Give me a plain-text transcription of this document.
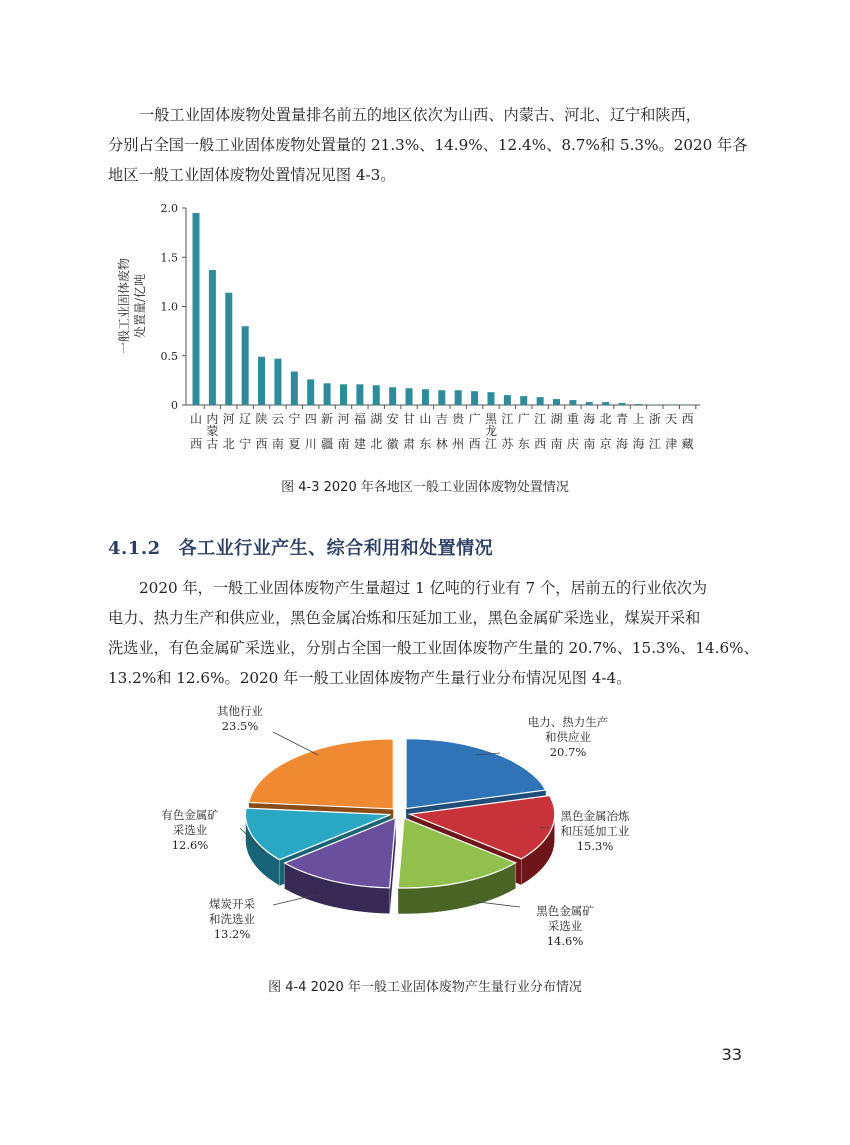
一般工业固体废物处置量排名前五的地区依次为山西、内蒙古、河北、辽宁和陕西，
分别占全国一般工业固体废物处置量的 21.3%、14.9%、12.4%、8.7%和 5.3%。2020 年各
地区一般工业固体废物处置情况见图 4-3。
0
0.5
1.0
1.5
2.0
一般工业固体废物 处置量/亿吨
山
西
内
蒙
古
河
北
辽
宁
陕
西
云
南
宁
夏
四
川
新
疆
河
南
福
建
湖
北
安
徽
甘
肃
山
东
吉
林
贵
州
广
西
黑
龙
江
江
苏
广
东
江
西
湖
南
重
庆
海
南
北
京
青
海
上
海
浙
江
天
津
西
藏
图 4-3 2020 年各地区一般工业固体废物处置情况
4.1.2 各工业行业产生、综合利用和处置情况
2020 年，一般工业固体废物产生量超过 1 亿吨的行业有 7 个，居前五的行业依次为
电力、热力生产和供应业，黑色金属冶炼和压延加工业，黑色金属矿采选业，煤炭开采和
洗选业，有色金属矿采选业，分别占全国一般工业固体废物产生量的 20.7%、15.3%、14.6%、
13.2%和 12.6%。2020 年一般工业固体废物产生量行业分布情况见图 4-4。
电力、热力生产
和供应业
20.7%
黑色金属冶炼
和压延加工业
15.3%
黑色金属矿
采选业
14.6%
煤炭开采
和洗选业
13.2%
有色金属矿
采选业
12.6%
其他行业
23.5%
图 4-4 2020 年一般工业固体废物产生量行业分布情况
33
